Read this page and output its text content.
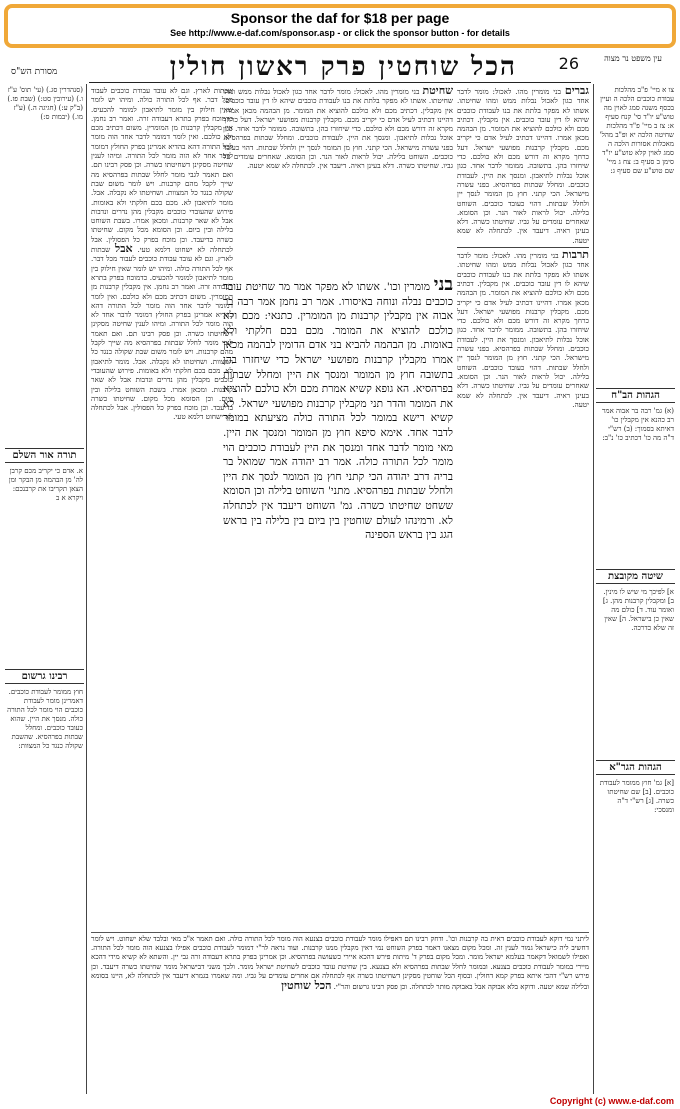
Sponsor the daf for $18 per page
See http://www.e-daf.com/sponsor.asp - or click the sponsor button - for details
עין משפט נר מצוה
26
הכל שוחטין פרק ראשון חולין
מסורת הש"ס
צו א מיי' פ"ב מהלכות עבודת כוכבים הלכה ה ועיין בכסף משנה סמג לאוין מה טוש"ע יו"ד סי' קנח סעיף א: צז ב מיי' פ"ד מהלכות שחיטה הלכה יא ופ"ב מהל' מאכלות אסורות הלכה ה סמג לאוין קלא טוש"ע יו"ד סימן ב סעיף ב: צח ג מיי' שם טוש"ע שם סעיף ג:
הגהות הב"ח
(א) גמ' רבה בר אבוה אמר רב כהנא אין מקבלין כו' דאיתא בסמוך: (ב) רש"י ד"ה מה כו' דכתיב כו' נ"ב:
שיטה מקובצת
א] לפיכך מי שיש לו מינין. ב] ומקבלין קרבנות מהן. ג] ואומר עוד. ד] כולם מה שאין כן בישראל. ה] שאין זה שלא כדרכה.
הגהות הגר"א
[א] גמ' חוץ ממומר לעבודת כוכבים. [ב] שם שחיטתו כשרה. [ג] רש"י ד"ה ומנסכי:
(סנהדרין סג.) (עי' תוס' ע"ז ו.) (עירובין סט:) (שבת פז.) (ב"ק ע:) (חגיגה ה.) (ע"ז מו.) (יבמות ס:)
תורה אור השלם
א. אדם כי יקריב מכם קרבן לה' מן הבהמה מן הבקר ומן הצאן תקריבו את קרבנכם: ויקרא א ב
רבינו גרשום
חוץ ממומר לעבודת כוכבים. דאמרינן מומר לעבודת כוכבים הוי מומר לכל התורה כולה. מנסך את היין. שהוא כעובד כוכבים. ומחלל שבתות בפרהסיא. שהשבת שקולה כנגד כל המצוות:
גברים בני מומרין מהו. לאכול: מומר לדבר אחד כגון לאכול נבלות ממש ומהו שחיטתו. אשתו לא מפקר בלתת את בנו לעבודת כוכבים שיהא לו דין עובד כוכבים. אין מקבלין. דכתיב מכם ולא כולכם להוציא את המומר. מן הבהמה מכאן אמרו. דהיינו דכתיב לעיל אדם כי יקריב מכם. מקבלין קרבנות מפושעי ישראל. דעל כרחך מקרא זה דורש מכם ולא כולכם. כדי שיחזרו בהן. בתשובה. ממומר לדבר אחד. כגון אוכל נבלות לתיאבון. ומנסך את היין. לעבודת כוכבים. ומחלל שבתות בפרהסיא. בפני עשרה מישראל. הכי קתני. חוץ מן המומר לנסך יין ולחלל שבתות. דהוי כעובד כוכבים. השוחט בלילה. יכול לראות לאור הנר. וכן הסומא. שאחרים עומדים על גביו. שחיטתו כשרה. דלא בעינן ראיה. דיעבד אין. לכתחלה לא שמא יטעה.
תרבות בני מומרין מהו. לאכול: מומר לדבר אחד כגון לאכול נבלות ממש ומהו שחיטתו. אשתו לא מפקר בלתת את בנו לעבודת כוכבים שיהא לו דין עובד כוכבים. אין מקבלין. דכתיב מכם ולא כולכם להוציא את המומר. מן הבהמה מכאן אמרו. דהיינו דכתיב לעיל אדם כי יקריב מכם. מקבלין קרבנות מפושעי ישראל. דעל כרחך מקרא זה דורש מכם ולא כולכם. כדי שיחזרו בהן. בתשובה. ממומר לדבר אחד. כגון אוכל נבלות לתיאבון. ומנסך את היין. לעבודת כוכבים. ומחלל שבתות בפרהסיא. בפני עשרה מישראל. הכי קתני. חוץ מן המומר לנסך יין ולחלל שבתות. דהוי כעובד כוכבים. השוחט בלילה. יכול לראות לאור הנר. וכן הסומא. שאחרים עומדים על גביו. שחיטתו כשרה. דלא בעינן ראיה. דיעבד אין. לכתחלה לא שמא יטעה.
שבתות לארץ. וגם לא עובד עבודת כוכבים לעבוד מכל דבר. אף לכל התורה כולה. ומיהו יש לומר שאין חילוק בין מומר לתיאבון למומר להכעיס. כדמוכח בפרק בתרא דעבודה זרה. ואמר רב נחמן. אין מקבלין קרבנות מן המומרין. משום דכתיב מכם ולא כולכם. ואין לומר דמומר לדבר אחד הוה מומר לכל התורה דהא בהדיא אמרינן בפרק החולץ דמומר לדבר אחד לא הוה מומר לכל התורה. ומיהו לענין שחיטה מסקינן דשחיטתו כשרה. וכן פסק רבינו תם. ואם תאמר לגבי מומר לחלל שבתות בפרהסיא מה שייך לקבל מהם קרבנות. ויש לומר משום שבת שקולה כנגד כל המצוות. ושחיטתו לא נקבלה. אבל. מומר לתיאבון לא. מכם בכם חלקתי ולא באומות. פירוש שהעובדי כוכבים מקבלין מהן נדרים ונדבות אבל לא שאר קרבנות. ומכאן אמרו. בשבת השוחט בלילה ובין ביום. וכן הסומא מכל מקום. שחיטתו כשרה בדיעבד. וכן מוכח בפרק כל הפסולין. אבל לכתחלה לא ישחוט דלמא טעי. אבל שבתות לארץ. וגם לא עובד עבודת כוכבים לעבוד מכל דבר. אף לכל התורה כולה. ומיהו יש לומר שאין חילוק בין מומר לתיאבון למומר להכעיס. כדמוכח בפרק בתרא דעבודה זרה. ואמר רב נחמן. אין מקבלין קרבנות מן המומרין. משום דכתיב מכם ולא כולכם. ואין לומר דמומר לדבר אחד הוה מומר לכל התורה דהא בהדיא אמרינן בפרק החולץ דמומר לדבר אחד לא הוה מומר לכל התורה. ומיהו לענין שחיטה מסקינן דשחיטתו כשרה. וכן פסק רבינו תם. ואם תאמר לגבי מומר לחלל שבתות בפרהסיא מה שייך לקבל מהם קרבנות. ויש לומר משום שבת שקולה כנגד כל המצוות. ושחיטתו לא נקבלה. אבל. מומר לתיאבון לא. מכם בכם חלקתי ולא באומות. פירוש שהעובדי כוכבים מקבלין מהן נדרים ונדבות אבל לא שאר קרבנות. ומכאן אמרו. בשבת השוחט בלילה ובין ביום. וכן הסומא מכל מקום. שחיטתו כשרה בדיעבד. וכן מוכח בפרק כל הפסולין. אבל לכתחלה לא ישחוט דלמא טעי.
שחיטת בני מומרין מהו. לאכול: מומר לדבר אחד כגון לאכול נבלות ממש ומהו שחיטתו. אשתו לא מפקר בלתת את בנו לעבודת כוכבים שיהא לו דין עובד כוכבים. אין מקבלין. דכתיב מכם ולא כולכם להוציא את המומר. מן הבהמה מכאן אמרו. דהיינו דכתיב לעיל אדם כי יקריב מכם. מקבלין קרבנות מפושעי ישראל. דעל כרחך מקרא זה דורש מכם ולא כולכם. כדי שיחזרו בהן. בתשובה. ממומר לדבר אחד. כגון אוכל נבלות לתיאבון. ומנסך את היין. לעבודת כוכבים. ומחלל שבתות בפרהסיא. בפני עשרה מישראל. הכי קתני. חוץ מן המומר לנסך יין ולחלל שבתות. דהוי כעובד כוכבים. השוחט בלילה. יכול לראות לאור הנר. וכן הסומא. שאחרים עומדים על גביו. שחיטתו כשרה. דלא בעינן ראיה. דיעבד אין. לכתחלה לא שמא יטעה.
בני מומרין וכו'. אשתו לא מפקר אמר מר שחיטת עובד כוכבים נבלה ונוחה באיסורו. אמר רב נחמן אמר רבה בר אבוה אין מקבלין קרבנות מן המומרין. כתנאי: מכם ולא כולכם להוציא את המומר. מכם בכם חלקתי ולא באומות. מן הבהמה להביא בני אדם הדומין לבהמה מכאן אמרו מקבלין קרבנות מפושעי ישראל כדי שיחזרו בהן בתשובה חוץ מן המומר ומנסך את היין ומחלל שבתות בפרהסיא. הא גופא קשיא אמרת מכם ולא כולכם להוציא את המומר והדר תני מקבלין קרבנות מפושעי ישראל. לא קשיא רישא במומר לכל התורה כולה מציעתא במומר לדבר אחד. אימא סיפא חוץ מן המומר ומנסך את היין. מאי מומר לדבר אחד ומנסך את היין לעבודת כוכבים הוי מומר לכל התורה כולה. אמר רב יהודה אמר שמואל בר בריה דרב יהודה הכי קתני חוץ מן המומר לנסך את היין ולחלל שבתות בפרהסיא. מתני' השוחט בלילה וכן הסומא ששחט שחיטתו כשרה. גמ' השוחט דיעבד אין לכתחלה לא. ורמינהו לעולם שוחטין בין ביום בין בלילה בין בראש הגג בין בראש הספינה
ליתני נמי דוקא לעבודת כוכבים דאית בה קרבנות וכו'. ודחק רבינו תם דאפילו מומר לעבודת כוכבים בצנעא הוה מומר לכל התורה כולה. ואם תאמר א"כ מאי ובלבד שלא ישחוט. ויש לומר דחשיב ליה כישראל גמור לענין זה. ומכל מקום מצאנו דאמר בפרק השוחט נמי דאין מקבלין ממנו קרבנות. ועוד נראה לר"י דמומר לעבודת כוכבים אפילו בצנעא הוה מומר לכל התורה. ואפילו לשמואל דקאמר בעלמא ישראל מומר. ומכל מקום בפרק ד' מיתות פירש דהכא איירי כשעושה בפרהסיא. וכן אמרינן בפרק בתרא דעבודה זרה גבי יין. והשתא לא קשיא מידי דהכא מיירי במומר לעבודת כוכבים בצנעא. ובמומר לחלל שבתות בפרהסיא ולא בצנעא. בין שחיטת עובד כוכבים לשחיטת ישראל מומר. ולכך משני דבישראל מומר שחיטתו כשרה דיעבד. וכן פירש רש"י דהכי איתא בפרק קמא דחולין. ובסוף הכל שוחטין מסקינן דשחיטתו כשרה אף לכתחלה אם אחרים עומדים על גביו. ומה שאמרו בגמרא דיעבד אין לכתחלה לא, היינו בסומא ובלילה שמא יטעה. ודוקא בלא אבוקה אבל באבוקה מותר לכתחלה. וכן פסק רבינו גרשום והר"י. הכל שוחטין
Copyright (c) www.e-daf.com
